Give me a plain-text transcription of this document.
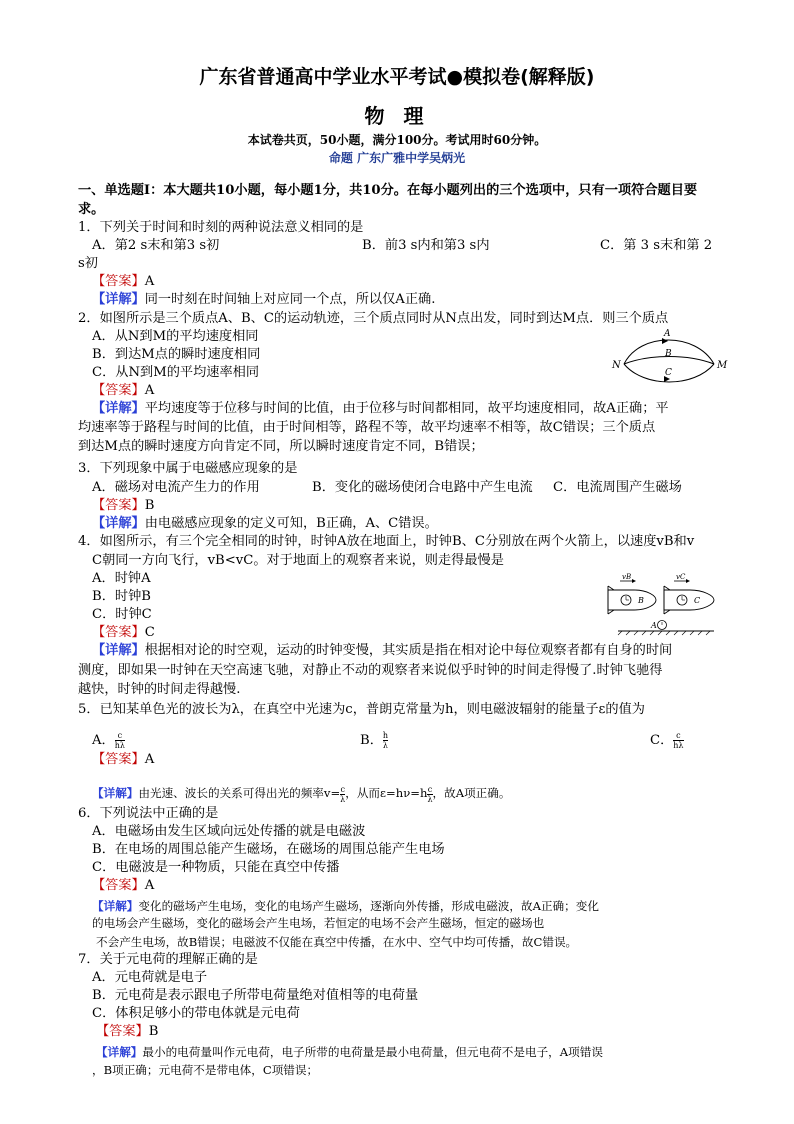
广东省普通高中学业水平考试●模拟卷(解释版)
物 理
本试卷共页，50小题，满分100分。考试用时60分钟。
命题 广东广雅中学吴炳光
一、单选题I：本大题共10小题，每小题1分，共10分。在每小题列出的三个选项中，只有一项符合题目要
求。
1．下列关于时间和时刻的两种说法意义相同的是
A．第2 s末和第3 s初	B．前3 s内和第3 s内	C．第 3 s末和第 2
s初
【答案】A
【详解】同一时刻在时间轴上对应同一个点，所以仅A正确.
2．如图所示是三个质点A、B、C的运动轨迹，三个质点同时从N点出发，同时到达M点．则三个质点
A．从N到M的平均速度相同
B．到达M点的瞬时速度相同
C．从N到M的平均速率相同
【答案】A
【详解】平均速度等于位移与时间的比值，由于位移与时间都相同，故平均速度相同，故A正确；平
均速率等于路程与时间的比值，由于时间相等，路程不等，故平均速率不相等，故C错误；三个质点
到达M点的瞬时速度方向肯定不同，所以瞬时速度肯定不同，B错误；
N	M
A
B
C
3．下列现象中属于电磁感应现象的是
A．磁场对电流产生力的作用	B．变化的磁场使闭合电路中产生电流 C．电流周围产生磁场
【答案】B
【详解】由电磁感应现象的定义可知，B正确，A、C错误。
4．如图所示，有三个完全相同的时钟，时钟A放在地面上，时钟B、C分别放在两个火箭上，以速度vB和v
C朝同一方向飞行，vB<vC。对于地面上的观察者来说，则走得最慢是
A．时钟A
B．时钟B
C．时钟C
【答案】C
【详解】根据相对论的时空观，运动的时钟变慢，其实质是指在相对论中每位观察者都有自身的时间
测度，即如果一时钟在天空高速飞驰，对静止不动的观察者来说似乎时钟的时间走得慢了.时钟飞驰得
越快，时钟的时间走得越慢.
vB	vC
B	C
A
5．已知某单色光的波长为λ，在真空中光速为c，普朗克常量为h，则电磁波辐射的能量子ε的值为
A． $\frac{c}{h\lambda}$	B． $\frac{h}{\lambda}$	C． $\frac{c}{h\lambda}$
【答案】A
【详解】由光速、波长的关系可得出光的频率$v= \frac{c}{\lambda}$ ，从而$\varepsilon=h\nu=h \frac{c}{\lambda}$ ，故A项正确。
6．下列说法中正确的是
A．电磁场由发生区域向远处传播的就是电磁波
B．在电场的周围总能产生磁场，在磁场的周围总能产生电场
C．电磁波是一种物质，只能在真空中传播
【答案】A
【详解】变化的磁场产生电场，变化的电场产生磁场，逐渐向外传播，形成电磁波，故A正确；变化
的电场会产生磁场，变化的磁场会产生电场，若恒定的电场不会产生磁场，恒定的磁场也
不会产生电场，故B错误；电磁波不仅能在真空中传播，在水中、空气中均可传播，故C错误。
7．关于元电荷的理解正确的是
A．元电荷就是电子
B．元电荷是表示跟电子所带电荷量绝对值相等的电荷量
C．体积足够小的带电体就是元电荷
【答案】B
【详解】最小的电荷量叫作元电荷，电子所带的电荷量是最小电荷量，但元电荷不是电子，A项错误
，B项正确；元电荷不是带电体，C项错误；
